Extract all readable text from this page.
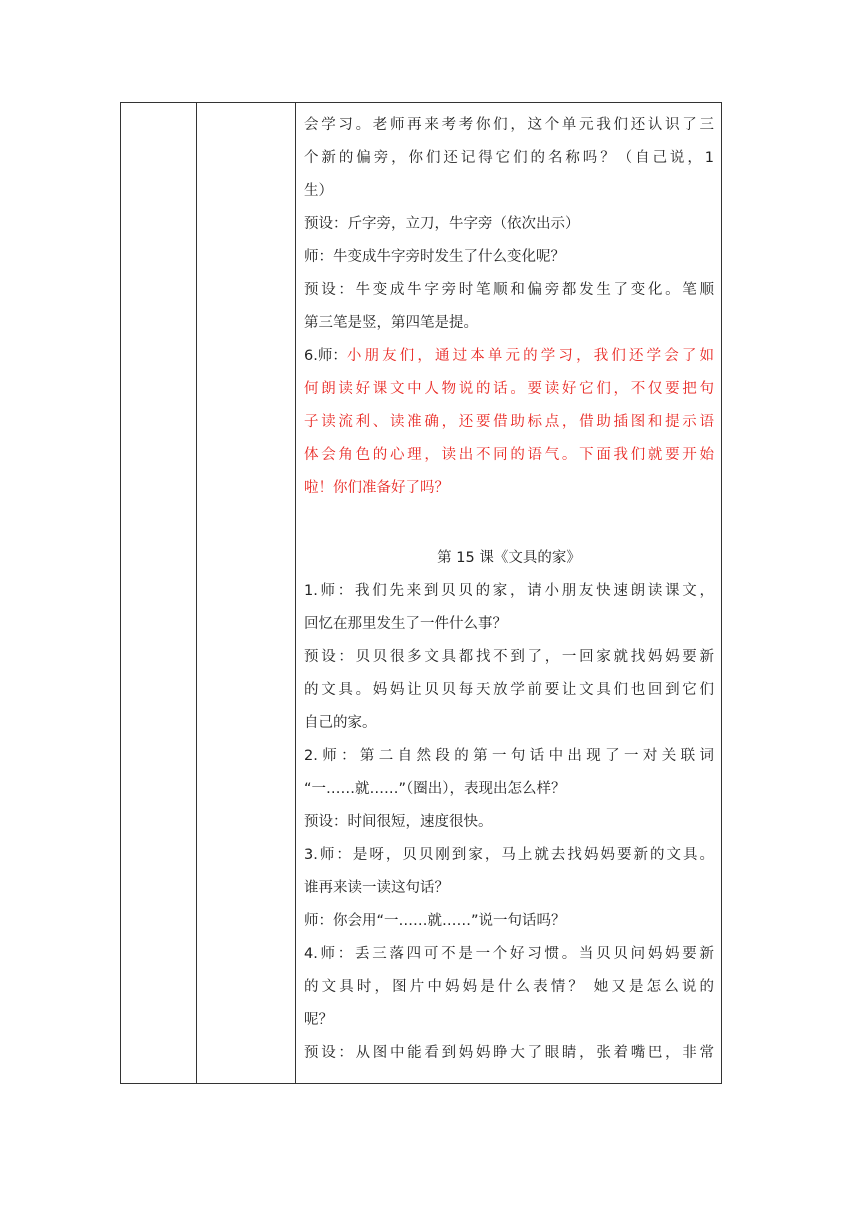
会学习。老师再来考考你们，这个单元我们还认识了三
个新的偏旁，你们还记得它们的名称吗？（自己说，1
生）
预设：斤字旁，立刀，牛字旁（依次出示）
师：牛变成牛字旁时发生了什么变化呢？
预设：牛变成牛字旁时笔顺和偏旁都发生了变化。笔顺
第三笔是竖，第四笔是提。
6.师： 小朋友们，通过本单元的学习，我们还学会了如
何朗读好课文中人物说的话。要读好它们，不仅要把句
子读流利、读准确，还要借助标点，借助插图和提示语
体会角色的心理，读出不同的语气。下面我们就要开始
啦！你们准备好了吗？
第 15 课《文具的家》
1.师：我们先来到贝贝的家，请小朋友快速朗读课文，
回忆在那里发生了一件什么事？
预设：贝贝很多文具都找不到了，一回家就找妈妈要新
的文具。妈妈让贝贝每天放学前要让文具们也回到它们
自己的家。
2.师：第二自然段的第一句话中出现了一对关联词
“一……就……”（圈出），表现出怎么样？
预设：时间很短，速度很快。
3.师：是呀，贝贝刚到家，马上就去找妈妈要新的文具。
谁再来读一读这句话？
师：你会用“一……就……”说一句话吗？
4.师：丢三落四可不是一个好习惯。当贝贝问妈妈要新
的文具时，图片中妈妈是什么表情？ 她又是怎么说的
呢？
预设：从图中能看到妈妈睁大了眼睛，张着嘴巴，非常
